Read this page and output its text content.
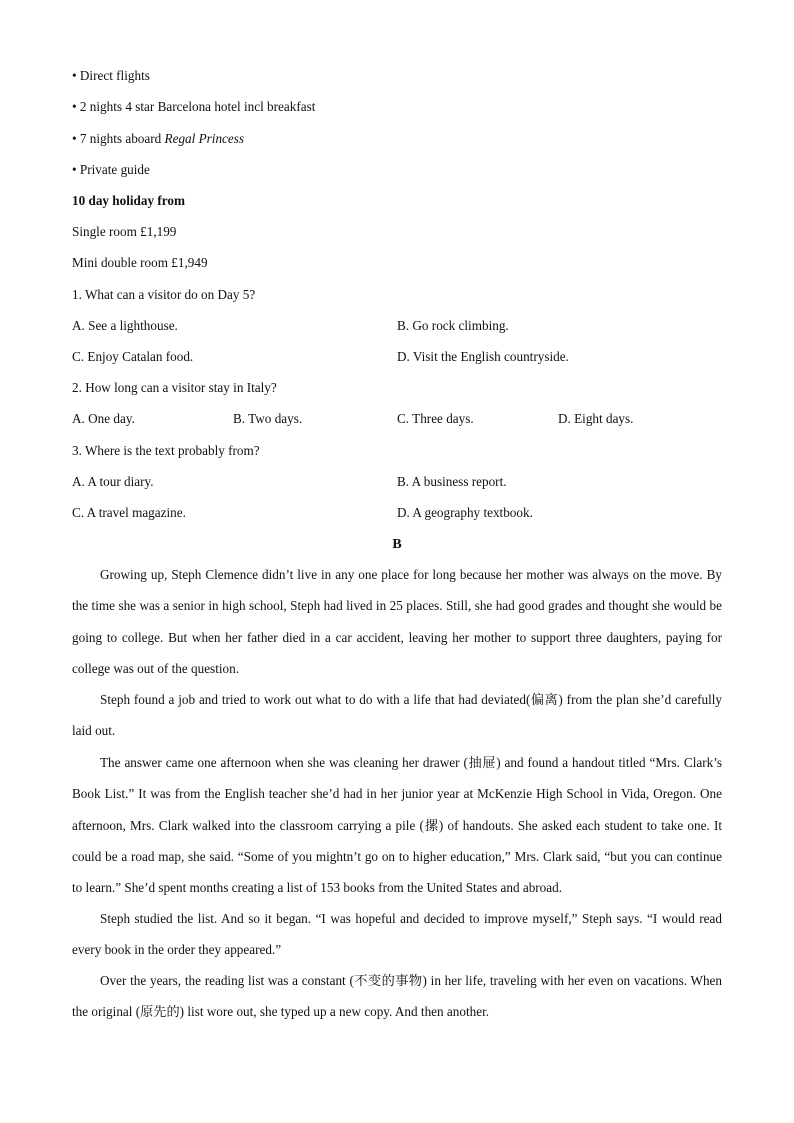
• Direct flights
• 2 nights 4 star Barcelona hotel incl breakfast
• 7 nights aboard Regal Princess
• Private guide
10 day holiday from
Single room £1,199
Mini double room £1,949
1. What can a visitor do on Day 5?
A. See a lighthouse.	B. Go rock climbing.
C. Enjoy Catalan food.	D. Visit the English countryside.
2. How long can a visitor stay in Italy?
A. One day.	B. Two days.	C. Three days.	D. Eight days.
3. Where is the text probably from?
A. A tour diary.	B. A business report.
C. A travel magazine.	D. A geography textbook.
B
Growing up, Steph Clemence didn’t live in any one place for long because her mother was always on the move. By the time she was a senior in high school, Steph had lived in 25 places. Still, she had good grades and thought she would be going to college. But when her father died in a car accident, leaving her mother to support three daughters, paying for college was out of the question.
Steph found a job and tried to work out what to do with a life that had deviated(偏离) from the plan she’d carefully laid out.
The answer came one afternoon when she was cleaning her drawer (抽屉) and found a handout titled “Mrs. Clark’s Book List.” It was from the English teacher she’d had in her junior year at McKenzie High School in Vida, Oregon. One afternoon, Mrs. Clark walked into the classroom carrying a pile (摞) of handouts. She asked each student to take one. It could be a road map, she said. “Some of you mightn’t go on to higher education,” Mrs. Clark said, “but you can continue to learn.” She’d spent months creating a list of 153 books from the United States and abroad.
Steph studied the list. And so it began. “I was hopeful and decided to improve myself,” Steph says. “I would read every book in the order they appeared.”
Over the years, the reading list was a constant (不变的事物) in her life, traveling with her even on vacations. When the original (原先的) list wore out, she typed up a new copy. And then another.
